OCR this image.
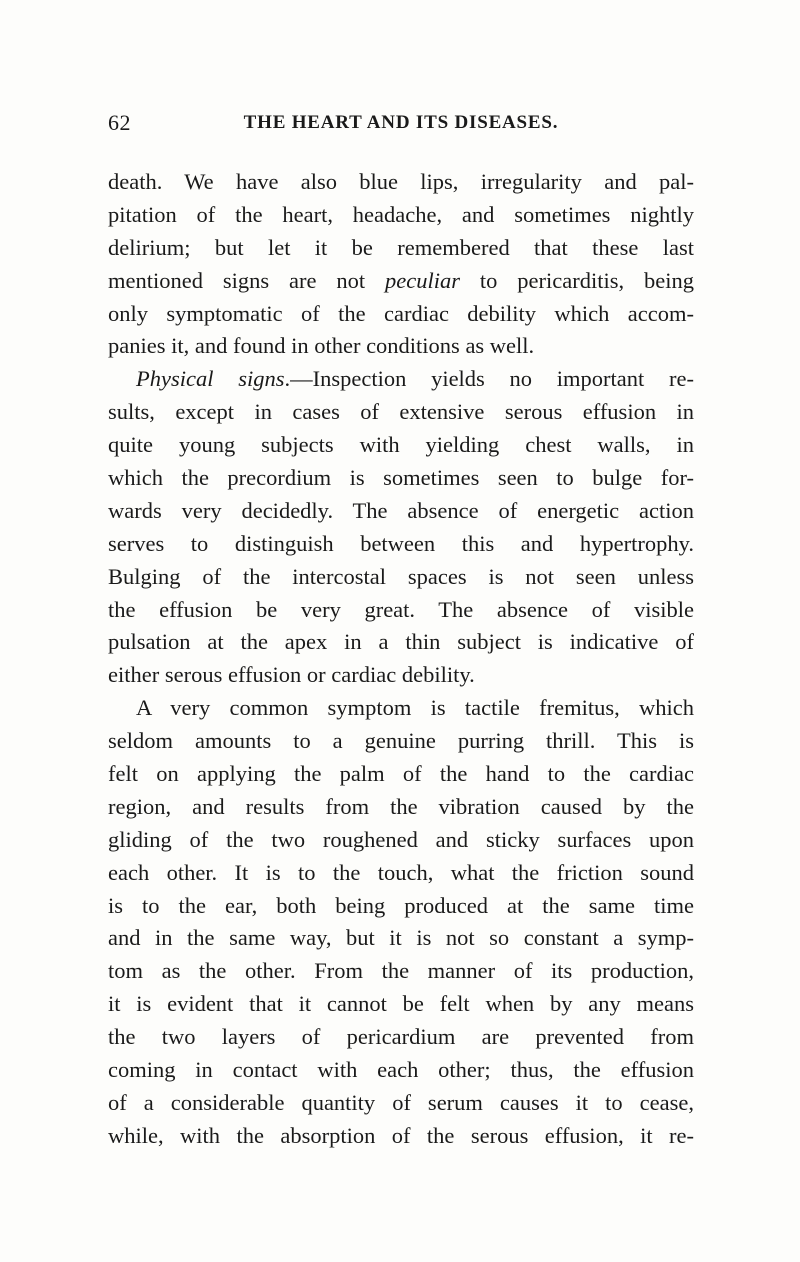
62	THE HEART AND ITS DISEASES.
death. We have also blue lips, irregularity and pal-
pitation of the heart, headache, and sometimes nightly
delirium; but let it be remembered that these last
mentioned signs are not peculiar to pericarditis, being
only symptomatic of the cardiac debility which accom-
panies it, and found in other conditions as well.
Physical signs.—Inspection yields no important re-
sults, except in cases of extensive serous effusion in
quite young subjects with yielding chest walls, in
which the precordium is sometimes seen to bulge for-
wards very decidedly. The absence of energetic action
serves to distinguish between this and hypertrophy.
Bulging of the intercostal spaces is not seen unless
the effusion be very great. The absence of visible
pulsation at the apex in a thin subject is indicative of
either serous effusion or cardiac debility.
A very common symptom is tactile fremitus, which
seldom amounts to a genuine purring thrill. This is
felt on applying the palm of the hand to the cardiac
region, and results from the vibration caused by the
gliding of the two roughened and sticky surfaces upon
each other. It is to the touch, what the friction sound
is to the ear, both being produced at the same time
and in the same way, but it is not so constant a symp-
tom as the other. From the manner of its production,
it is evident that it cannot be felt when by any means
the two layers of pericardium are prevented from
coming in contact with each other; thus, the effusion
of a considerable quantity of serum causes it to cease,
while, with the absorption of the serous effusion, it re-
